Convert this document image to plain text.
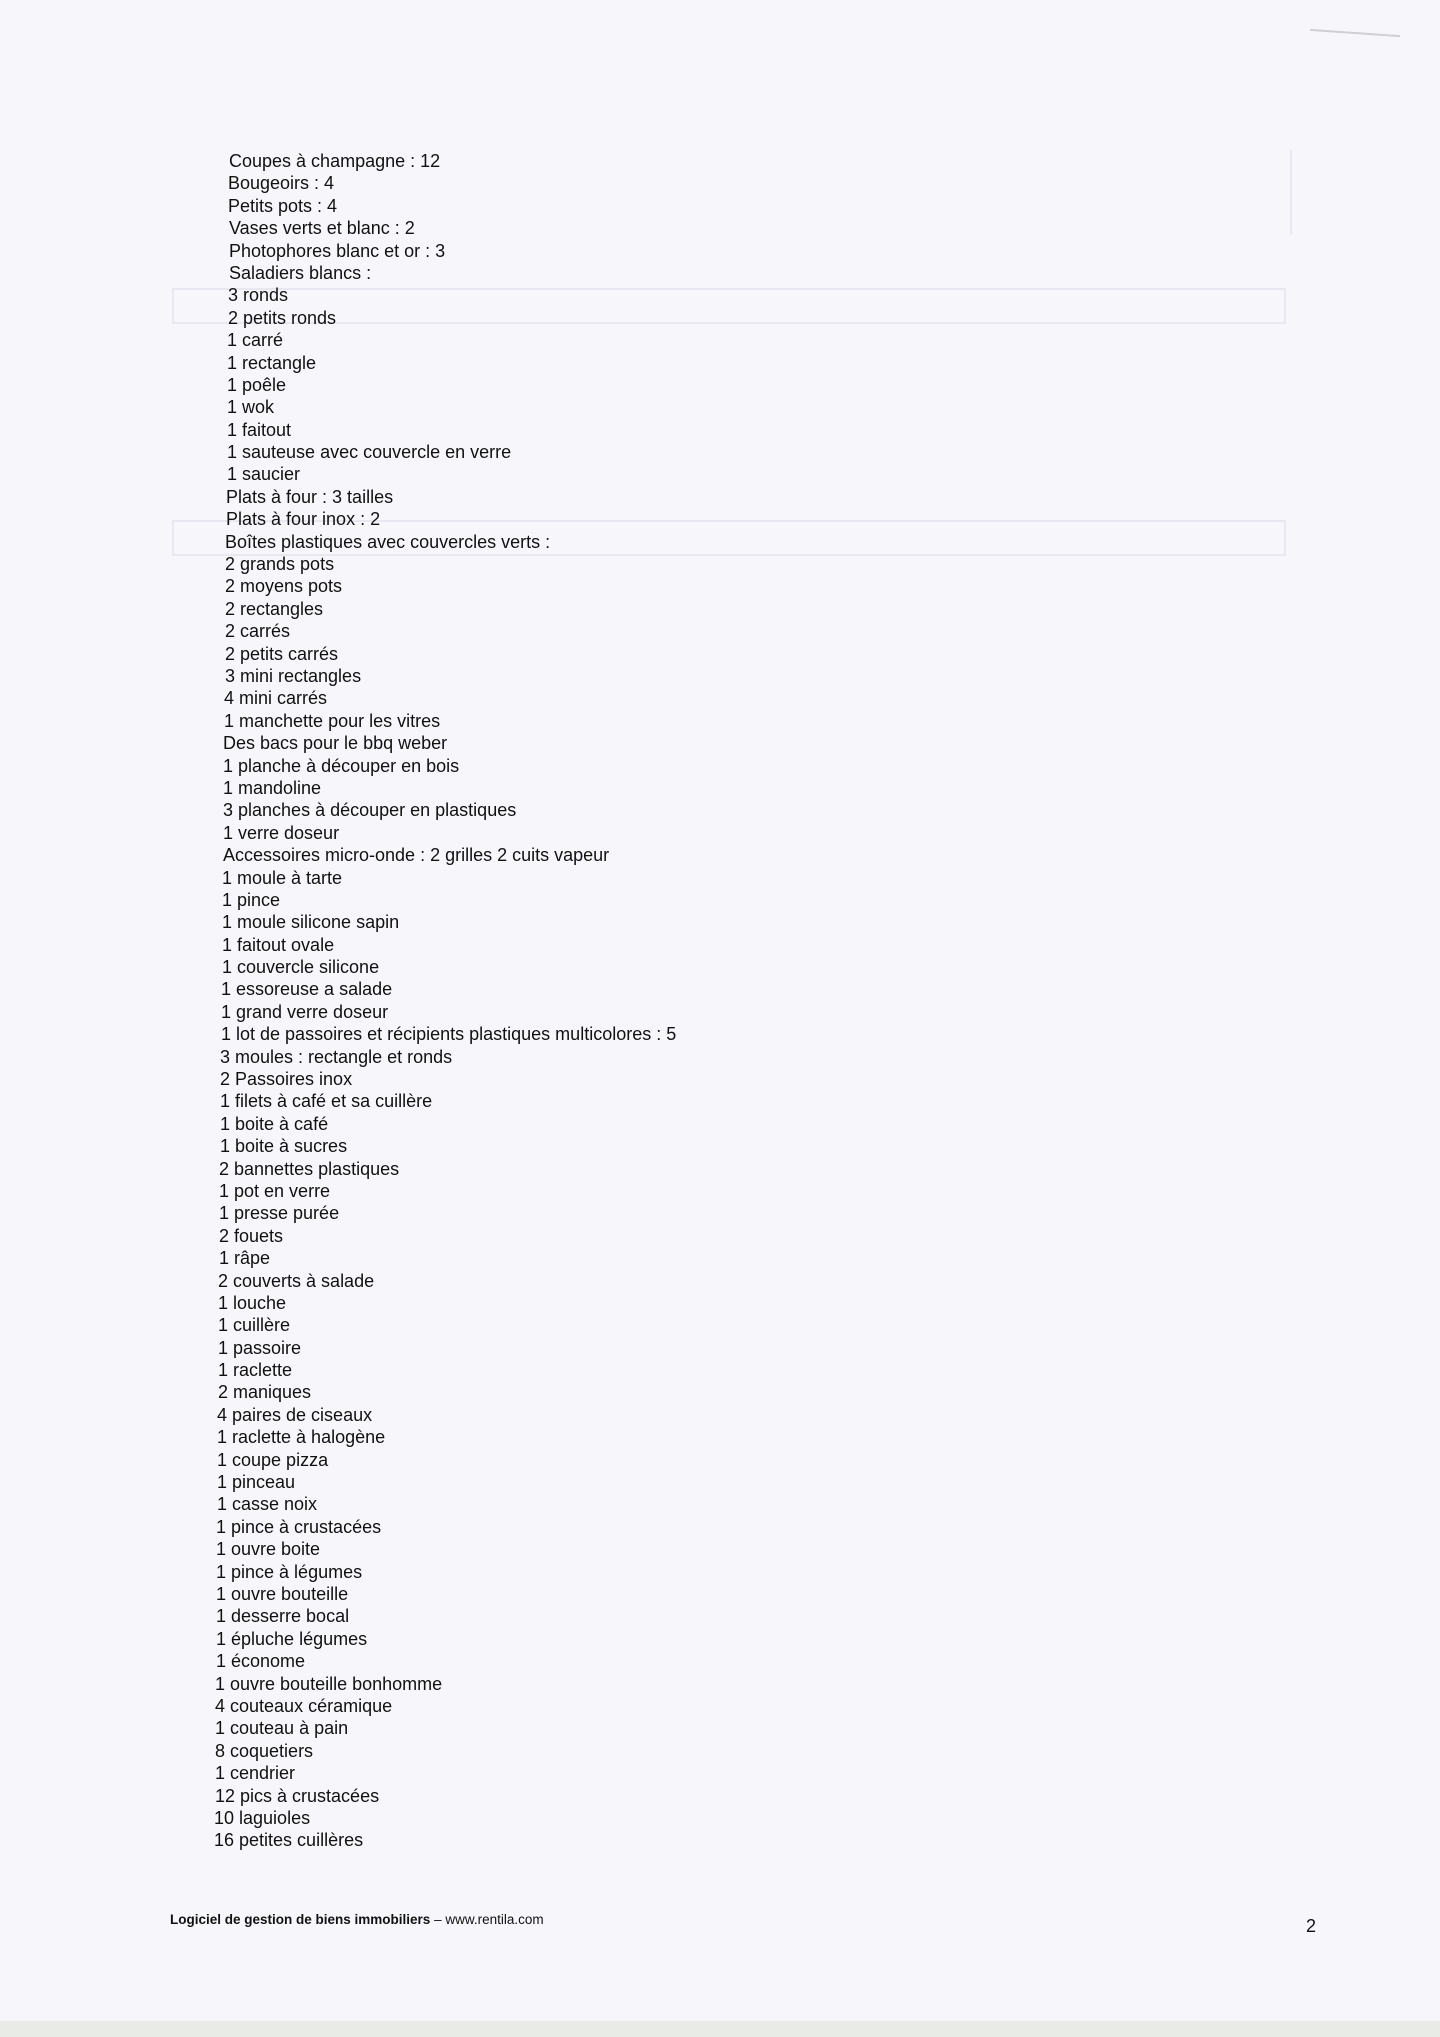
Coupes à champagne : 12
Bougeoirs : 4
Petits pots : 4
Vases verts et blanc : 2
Photophores blanc et or : 3
Saladiers blancs :
3 ronds
2 petits ronds
1 carré
1 rectangle
1 poêle
1 wok
1 faitout
1 sauteuse avec couvercle en verre
1 saucier
Plats à four : 3 tailles
Plats à four inox : 2
Boîtes plastiques avec couvercles verts :
2 grands pots
2 moyens pots
2 rectangles
2 carrés
2 petits carrés
3 mini rectangles
4 mini carrés
1 manchette pour les vitres
Des bacs pour le bbq weber
1 planche à découper en bois
1 mandoline
3 planches à découper en plastiques
1 verre doseur
Accessoires micro-onde : 2 grilles 2 cuits vapeur
1 moule à tarte
1 pince
1 moule silicone sapin
1 faitout ovale
1 couvercle silicone
1 essoreuse a salade
1 grand verre doseur
1 lot de passoires et récipients plastiques multicolores : 5
3 moules : rectangle et ronds
2 Passoires inox
1 filets à café et sa cuillère
1 boite à café
1 boite à sucres
2 bannettes plastiques
1 pot en verre
1 presse purée
2 fouets
1 râpe
2 couverts à salade
1 louche
1 cuillère
1 passoire
1 raclette
2 maniques
4 paires de ciseaux
1 raclette à halogène
1 coupe pizza
1 pinceau
1 casse noix
1 pince à crustacées
1 ouvre boite
1 pince à légumes
1 ouvre bouteille
1 desserre bocal
1 épluche légumes
1 économe
1 ouvre bouteille bonhomme
4 couteaux céramique
1 couteau à pain
8 coquetiers
1 cendrier
12 pics à crustacées
10 laguioles
16 petites cuillères
Logiciel de gestion de biens immobiliers – www.rentila.com	2
